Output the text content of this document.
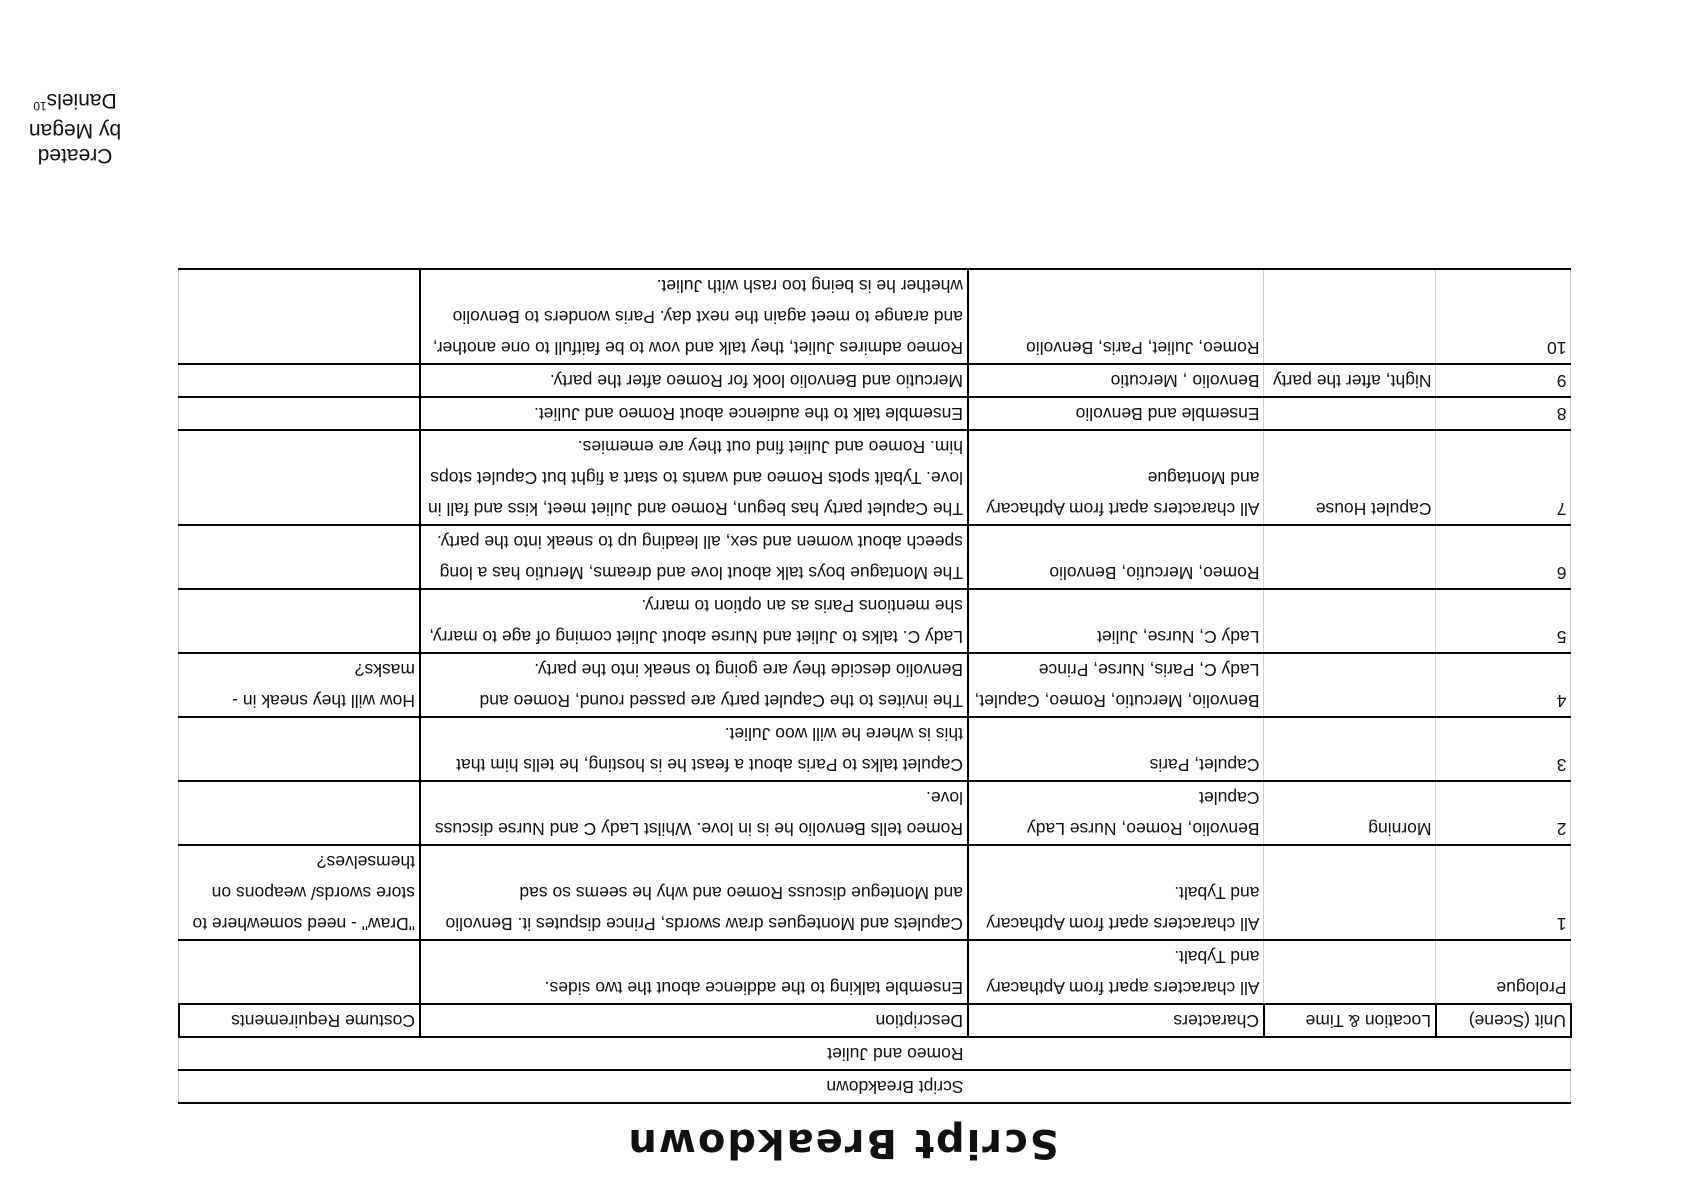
Script Breakdown
Created
by Megan
Daniels$^{10}$
Script Breakdown				
Romeo and Juliet				
Unit (Scene)	Location & Time	Characters	Description	Costume Requirements
Prologue		All characters apart from Apthacary and Tybalt.	Ensemble talking to the addience about the two sides.	
1		All characters apart from Apthacary and Tybalt.	Capulets and Montegues draw swords, Prince disputes it. Benvolio and Montegue discuss Romeo and why he seems so sad	"Draw" - need somewhere to store swords/ weapons on themselves?
2	Morning	Benvolio, Romeo, Nurse Lady Capulet	Romeo tells Benvolio he is in love. Whilst Lady C and Nurse discuss love.	
3		Capulet, Paris	Capulet talks to Paris about a feast he is hosting, he tells him that this is where he will woo Juliet.	
4		Benvolio, Mercutio, Romeo, Capulet, Lady C, Paris, Nurse, Prince	The invites to the Capulet party are passed round, Romeo and Benvolio descide they are going to sneak into the party.	How will they sneak in - masks?
5		Lady C, Nurse, Juliet	Lady C. talks to Juliet and Nurse about Juliet coming of age to marry, she mentions Paris as an option to marry.	
6		Romeo, Mercutio, Benvolio	The Montague boys talk about love and dreams, Merutio has a long speech about women and sex, all leading up to sneak into the party.	
7	Capulet House	All characters apart from Apthacary and Montague	The Capulet party has begun, Romeo and Juliet meet, kiss and fall in love. Tybalt spots Romeo and wants to start a fight but Capulet stops him. Romeo and Juliet find out they are ememies.	
8		Ensemble and Benvolio	Ensemble talk to the audience about Romeo and Juliet.	
9	Night, after the party	Benvolio , Mercutio	Mercutio and Benvolio look for Romeo after the party.	
10		Romeo, Juliet, Paris, Benvolio	Romeo admires Juliet, they talk and vow to be faitfull to one another, and arange to meet again the next day. Paris wonders to Benvolio whether he is being too rash with Juliet.	
